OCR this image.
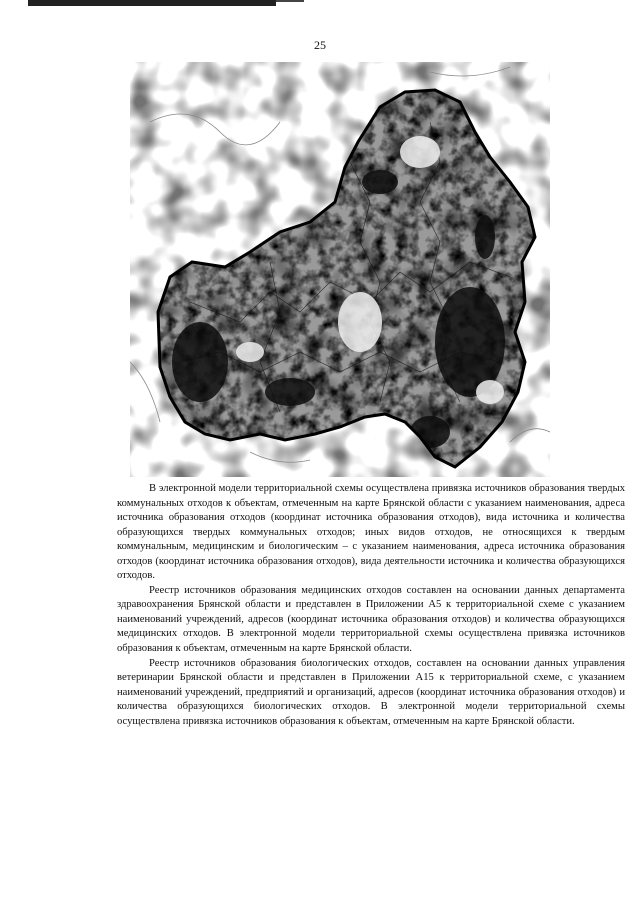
25

В электронной модели территориальной схемы осуществлена привязка источников образования твердых коммунальных отходов к объектам, отмеченным на карте Брянской области с указанием наименования, адреса источника образования отходов (координат источника образования отходов), вида источника и количества образующихся твердых коммунальных отходов; иных видов отходов, не относящихся к твердым коммунальным, медицинским и биологическим – с указанием наименования, адреса источника образования отходов (координат источника образования отходов), вида деятельности источника и количества образующихся отходов.

Реестр источников образования медицинских отходов составлен на основании данных департамента здравоохранения Брянской области и представлен в Приложении А5 к территориальной схеме с указанием наименований учреждений, адресов (координат источника образования отходов) и количества образующихся медицинских отходов. В электронной модели территориальной схемы осуществлена привязка источников образования к объектам, отмеченным на карте Брянской области.

Реестр источников образования биологических отходов, составлен на основании данных управления ветеринарии Брянской области и представлен в Приложении А15 к территориальной схеме, с указанием наименований учреждений, предприятий и организаций, адресов (координат источника образования отходов) и количества образующихся биологических отходов. В электронной модели территориальной схемы осуществлена привязка источников образования к объектам, отмеченным на карте Брянской области.
